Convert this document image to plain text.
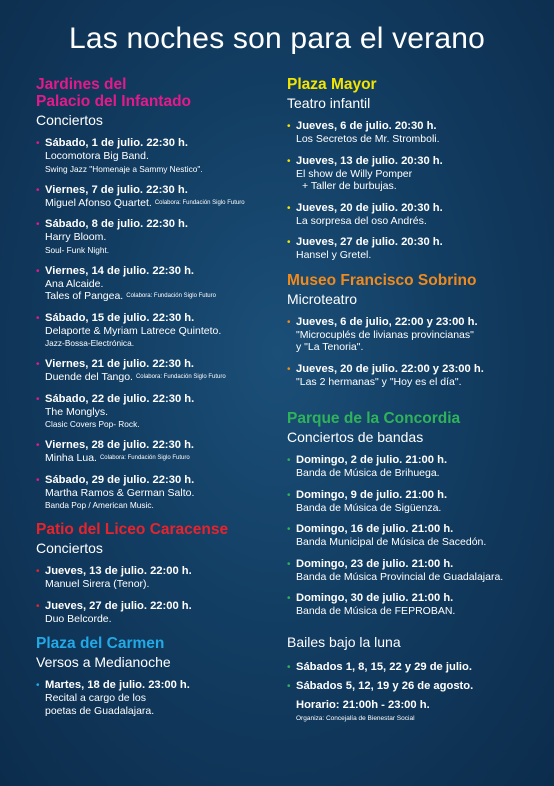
Las noches son para el verano
Jardines del
Palacio del Infantado
Conciertos
• Sábado, 1 de julio. 22:30 h.
Locomotora Big Band.
Swing Jazz "Homenaje a Sammy Nestico".
• Viernes, 7 de julio. 22:30 h.
Miguel Afonso Quartet. Colabora: Fundación Siglo Futuro
• Sábado, 8 de julio. 22:30 h.
Harry Bloom.
Soul- Funk Night.
• Viernes, 14 de julio. 22:30 h.
Ana Alcaide.
Tales of Pangea. Colabora: Fundación Siglo Futuro
• Sábado, 15 de julio. 22:30 h.
Delaporte & Myriam Latrece Quinteto.
Jazz-Bossa-Electrónica.
• Viernes, 21 de julio. 22:30 h.
Duende del Tango. Colabora: Fundación Siglo Futuro
• Sábado, 22 de julio. 22:30 h.
The Monglys.
Clasic Covers Pop- Rock.
• Viernes, 28 de julio. 22:30 h.
Minha Lua. Colabora: Fundación Siglo Futuro
• Sábado, 29 de julio. 22:30 h.
Martha Ramos & German Salto.
Banda Pop / American Music.
Patio del Liceo Caracense
Conciertos
• Jueves, 13 de julio. 22:00 h.
Manuel Sirera (Tenor).
• Jueves, 27 de julio. 22:00 h.
Duo Belcorde.
Plaza del Carmen
Versos a Medianoche
• Martes, 18 de julio. 23:00 h.
Recital a cargo de los
poetas de Guadalajara.
Plaza Mayor
Teatro infantil
• Jueves, 6 de julio. 20:30 h.
Los Secretos de Mr. Stromboli.
• Jueves, 13 de julio. 20:30 h.
El show de Willy Pomper
+ Taller de burbujas.
• Jueves, 20 de julio. 20:30 h.
La sorpresa del oso Andrés.
• Jueves, 27 de julio. 20:30 h.
Hansel y Gretel.
Museo Francisco Sobrino
Microteatro
• Jueves, 6 de julio, 22:00 y 23:00 h.
"Microcuplés de livianas provincianas"
y "La Tenoria".
• Jueves, 20 de julio. 22:00 y 23:00 h.
"Las 2 hermanas" y "Hoy es el día".
Parque de la Concordia
Conciertos de bandas
• Domingo, 2 de julio. 21:00 h.
Banda de Música de Brihuega.
• Domingo, 9 de julio. 21:00 h.
Banda de Música de Sigüenza.
• Domingo, 16 de julio. 21:00 h.
Banda Municipal de Música de Sacedón.
• Domingo, 23 de julio. 21:00 h.
Banda de Música Provincial de Guadalajara.
• Domingo, 30 de julio. 21:00 h.
Banda de Música de FEPROBAN.
Bailes bajo la luna
• Sábados 1, 8, 15, 22 y 29 de julio.
• Sábados 5, 12, 19 y 26 de agosto.
Horario: 21:00h - 23:00 h.
Organiza: Concejalía de Bienestar Social
